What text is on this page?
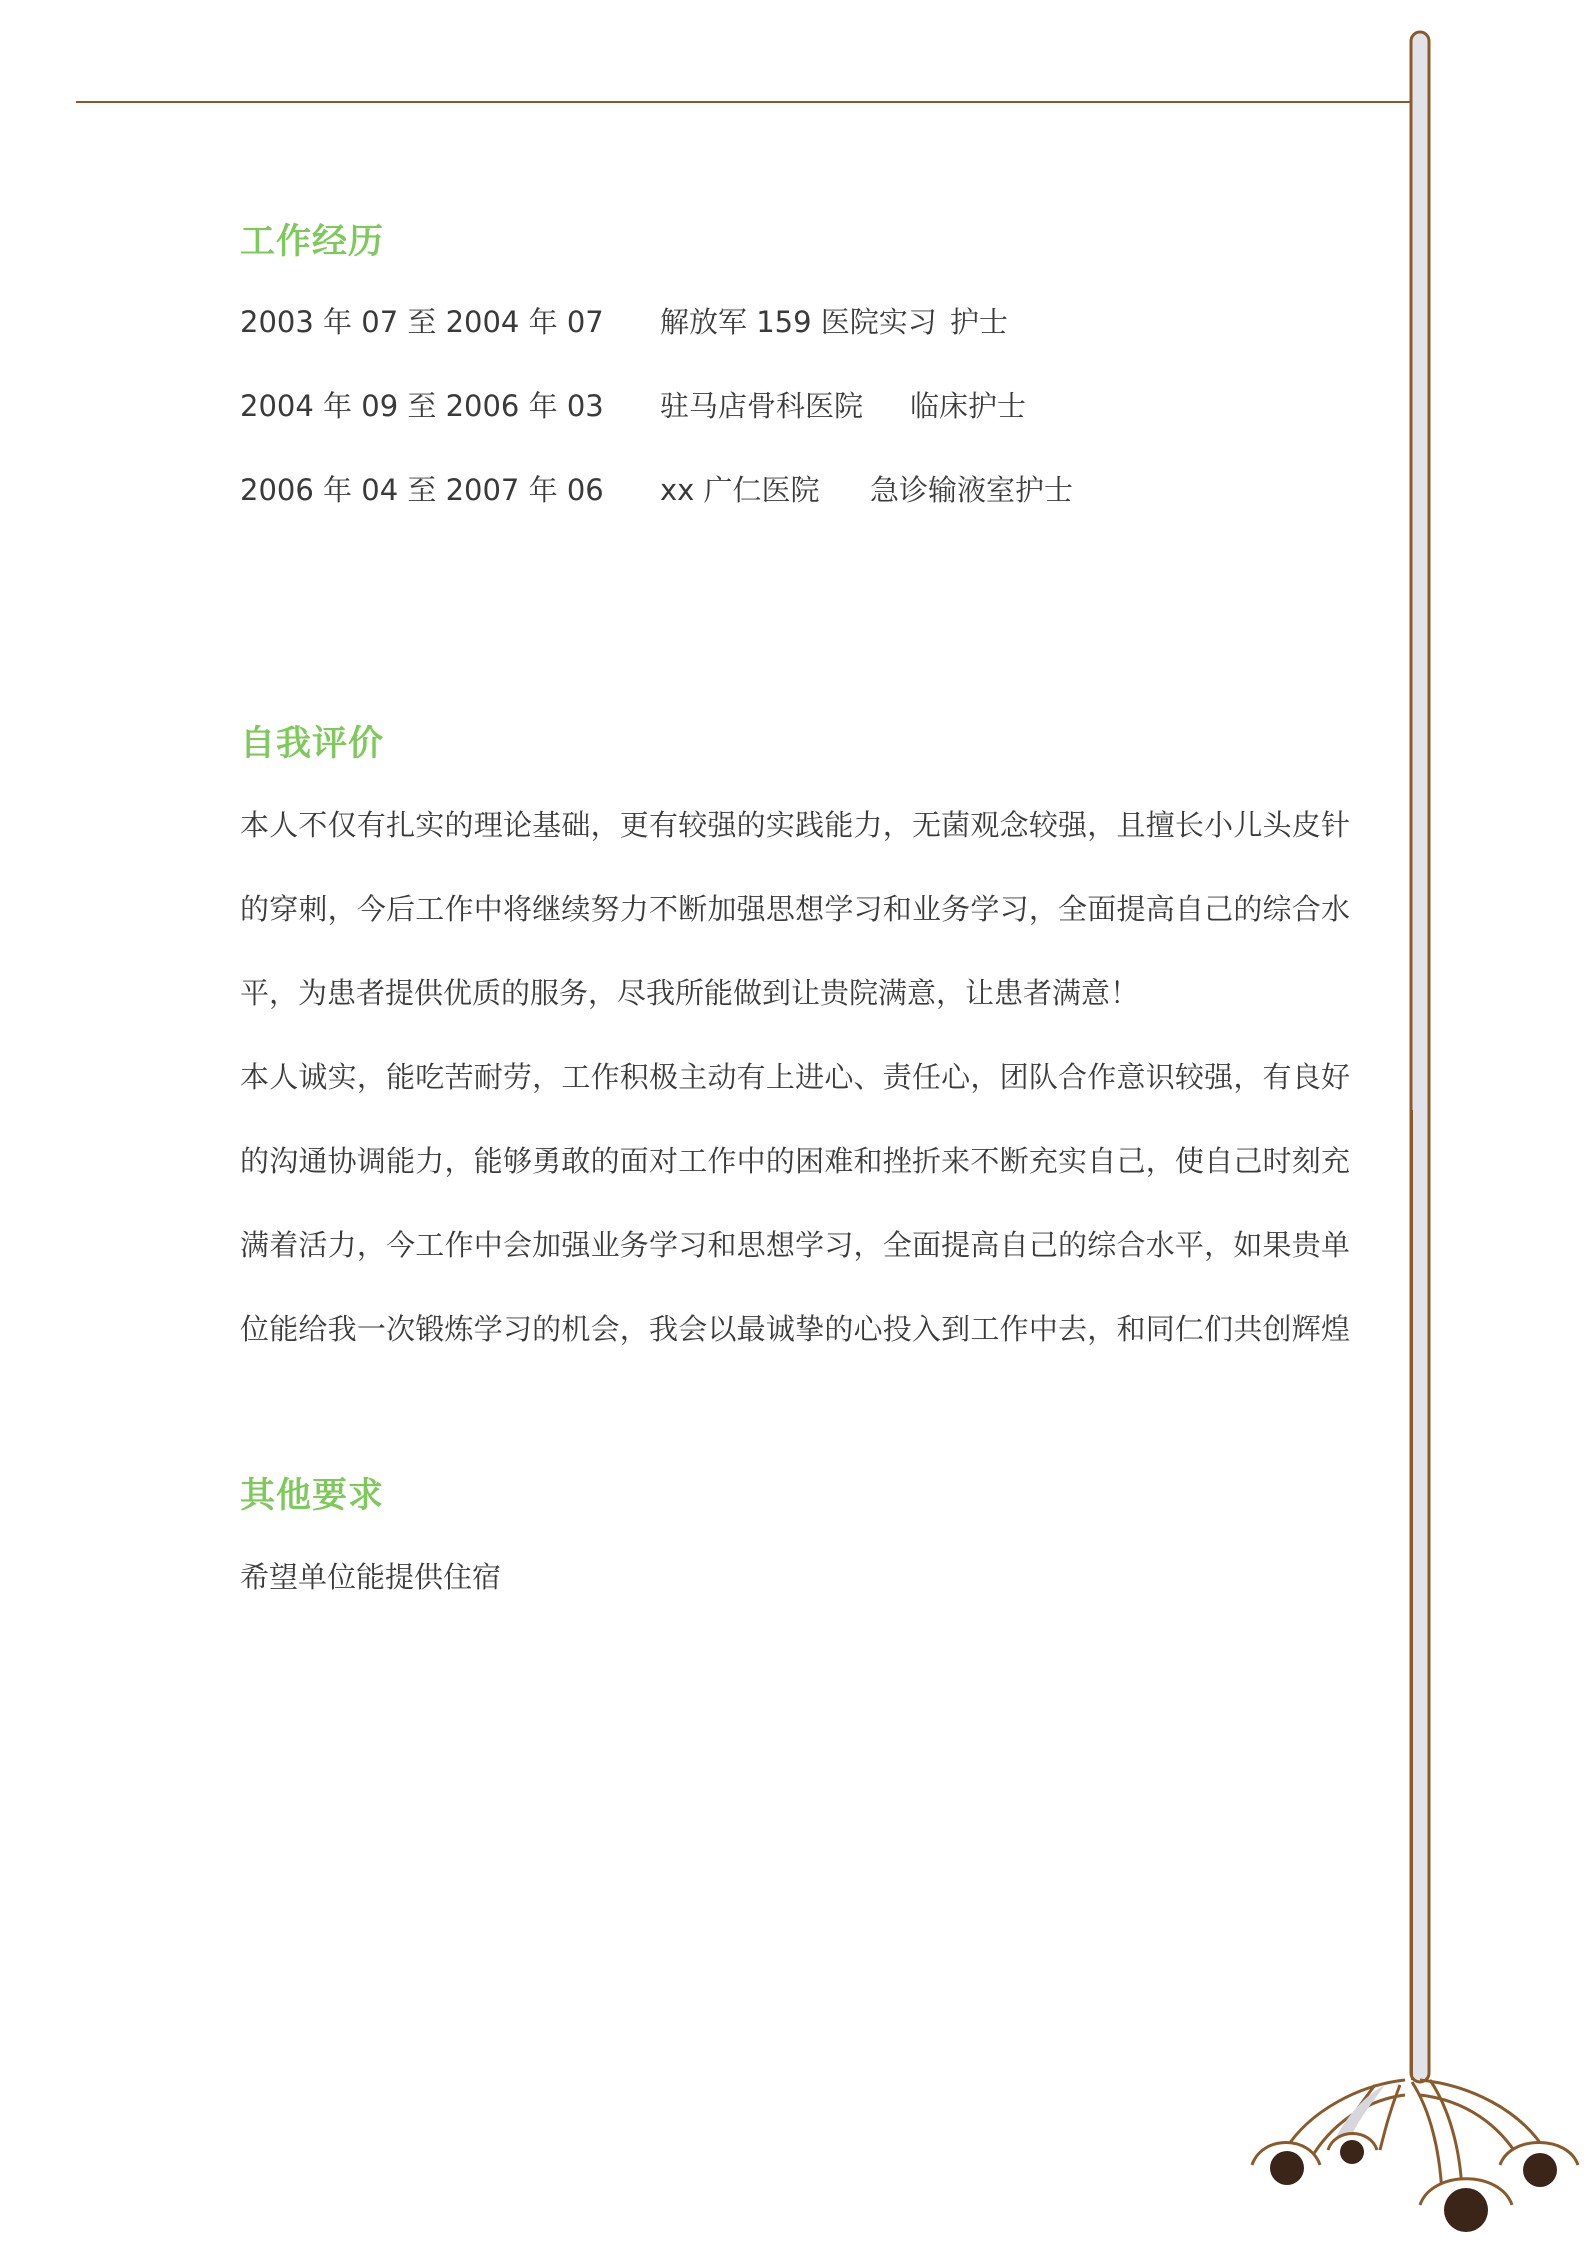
工作经历
2003 年 07 至 2004 年 07 解放军 159 医院实习 护士
2004 年 09 至 2006 年 03 驻马店骨科医院 临床护士
2006 年 04 至 2007 年 06 xx 广仁医院 急诊输液室护士
自我评价
本人不仅有扎实的理论基础，更有较强的实践能力，无菌观念较强，且擅长小儿头皮针
的穿刺，今后工作中将继续努力不断加强思想学习和业务学习，全面提高自己的综合水
平，为患者提供优质的服务，尽我所能做到让贵院满意，让患者满意！
本人诚实，能吃苦耐劳，工作积极主动有上进心、责任心，团队合作意识较强，有良好
的沟通协调能力，能够勇敢的面对工作中的困难和挫折来不断充实自己，使自己时刻充
满着活力，今工作中会加强业务学习和思想学习，全面提高自己的综合水平，如果贵单
位能给我一次锻炼学习的机会，我会以最诚挚的心投入到工作中去，和同仁们共创辉煌
其他要求
希望单位能提供住宿
